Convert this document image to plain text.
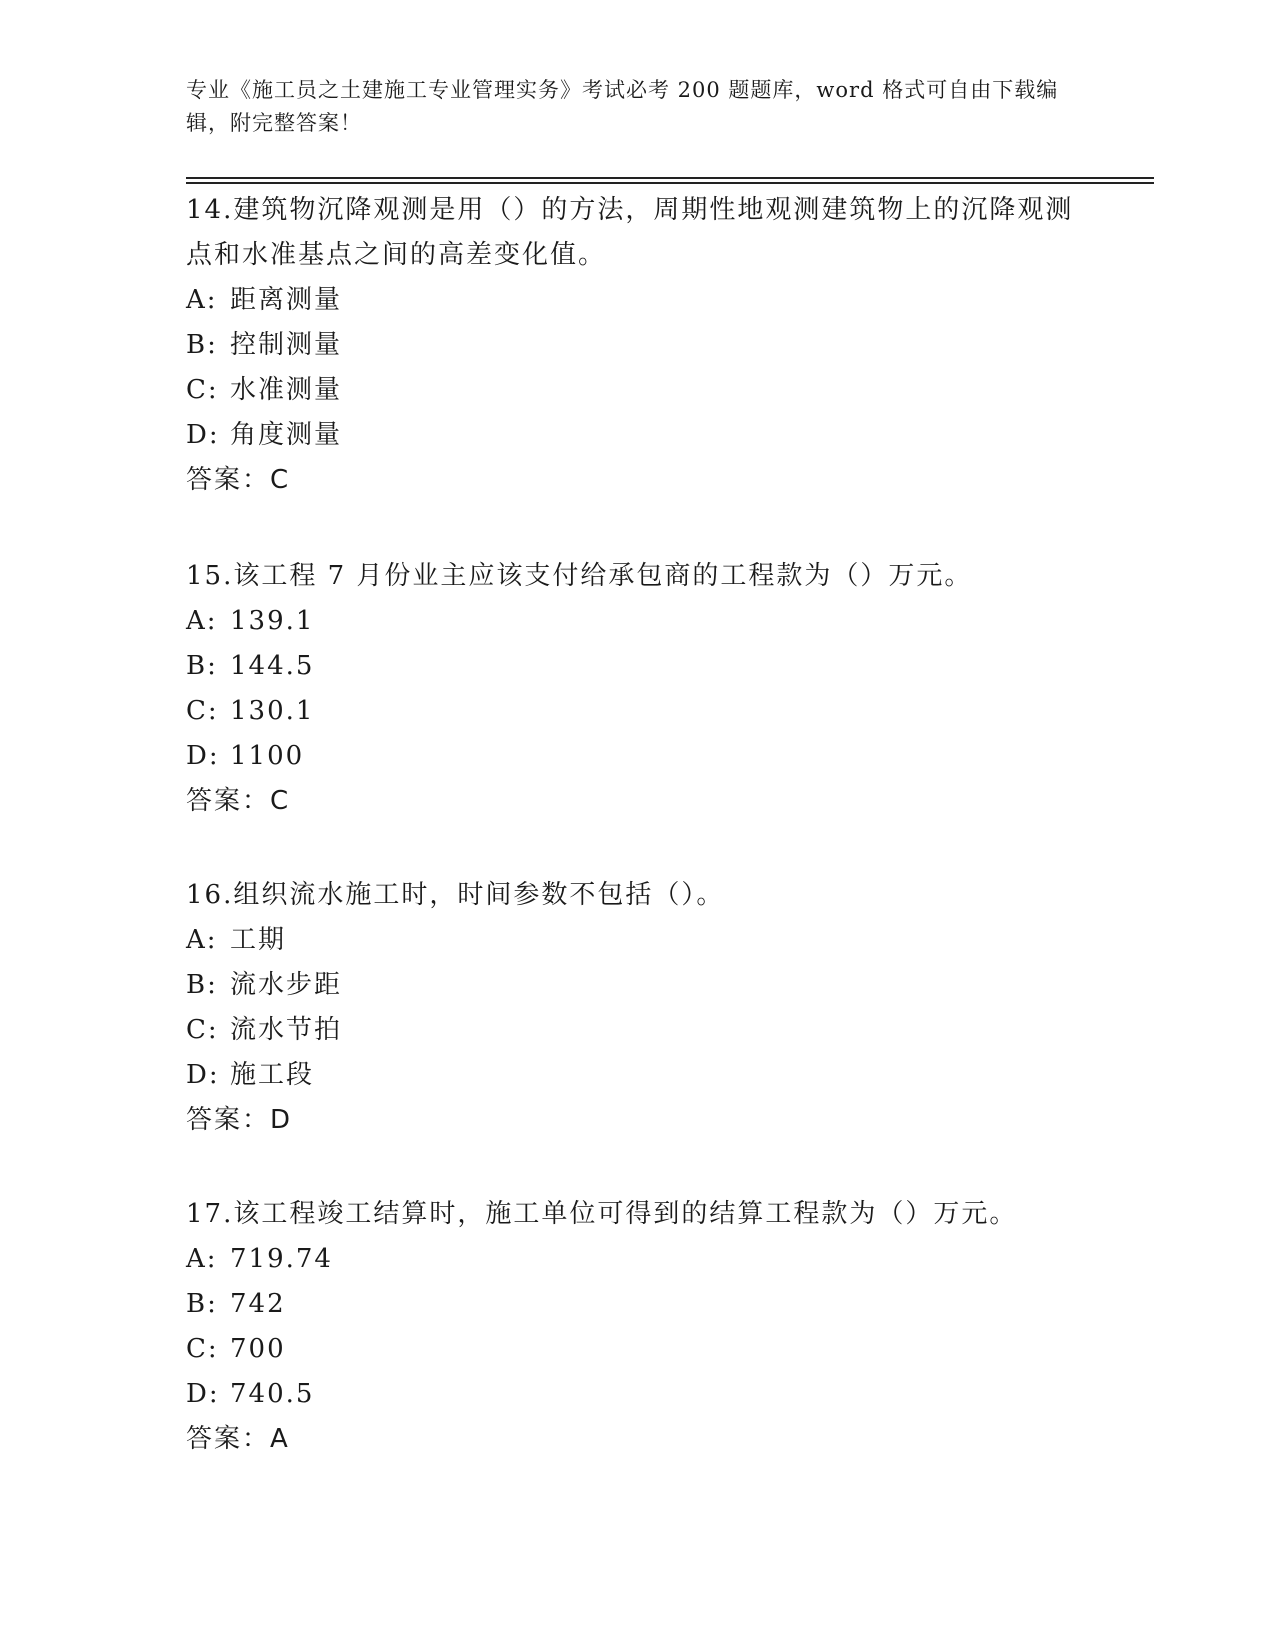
专业《施工员之土建施工专业管理实务》考试必考 200 题题库，word 格式可自由下载编辑，附完整答案！

14.建筑物沉降观测是用（）的方法，周期性地观测建筑物上的沉降观测点和水准基点之间的高差变化值。

A: 距离测量

B: 控制测量

C: 水准测量

D: 角度测量

答案：C

15.该工程 7 月份业主应该支付给承包商的工程款为（）万元。

A: 139.1

B: 144.5

C: 130.1

D: 1100

答案：C

16.组织流水施工时，时间参数不包括（）。

A: 工期

B: 流水步距

C: 流水节拍

D: 施工段

答案：D

17.该工程竣工结算时，施工单位可得到的结算工程款为（）万元。

A: 719.74

B: 742

C: 700

D: 740.5

答案：A
